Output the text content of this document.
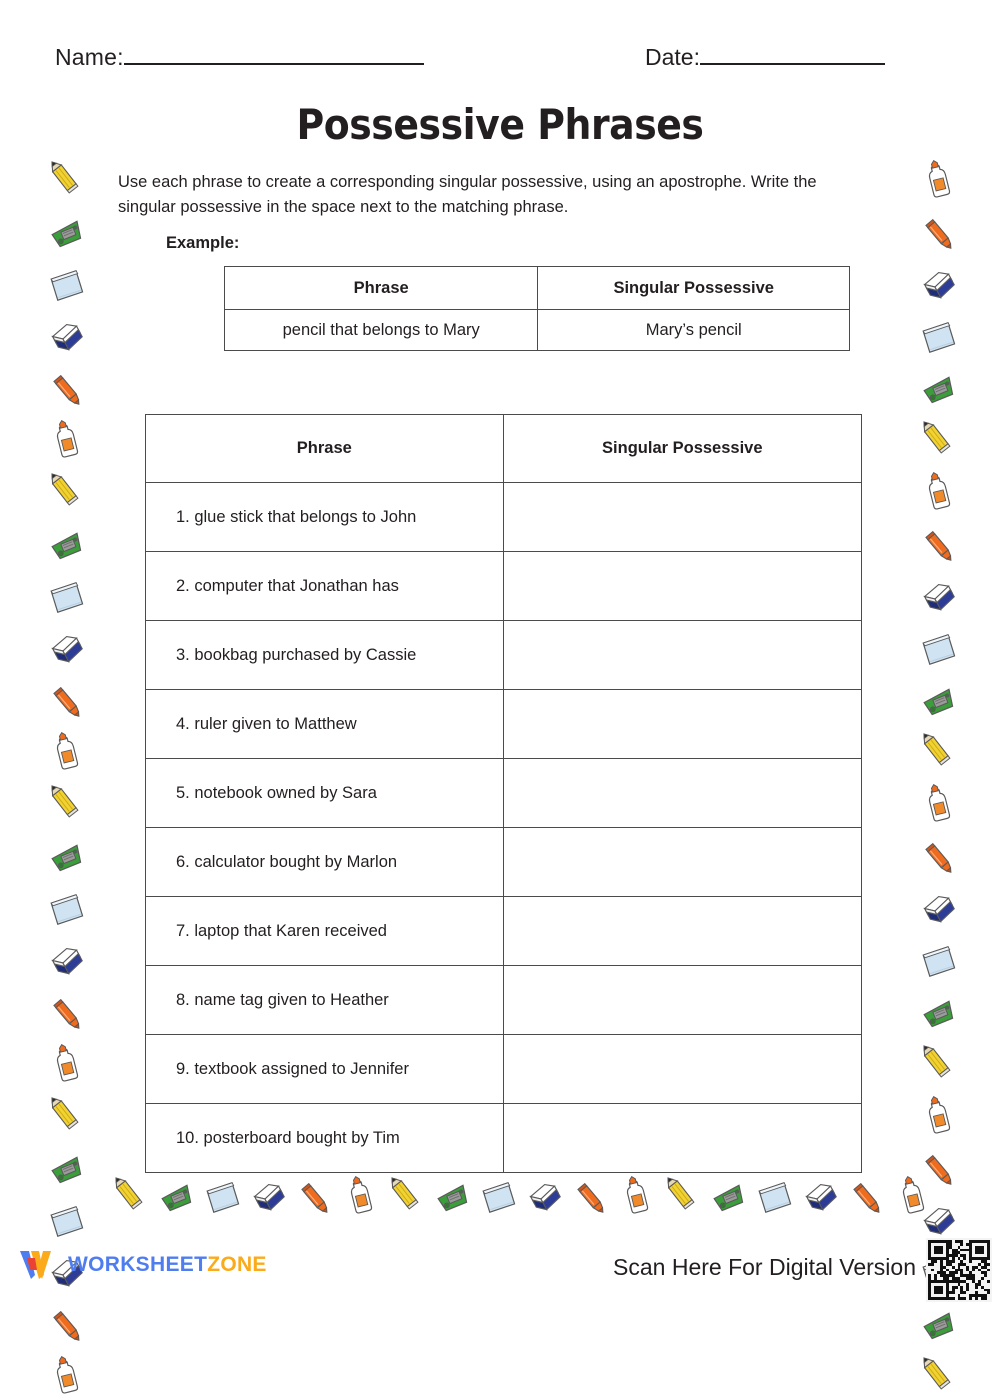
Name:	Date:
Possessive Phrases
Use each phrase to create a corresponding singular possessive, using an apostrophe. Write the singular possessive in the space next to the matching phrase.
Example:
Phrase	Singular Possessive
pencil that belongs to Mary	Mary’s pencil
Phrase	Singular Possessive
1. glue stick that belongs to John	
2. computer that Jonathan has	
3. bookbag purchased by Cassie	
4. ruler given to Matthew	
5. notebook owned by Sara	
6. calculator bought by Marlon	
7. laptop that Karen received	
8. name tag given to Heather	
9. textbook assigned to Jennifer	
10. posterboard bought by Tim	
WORKSHEETZONE	Scan Here For Digital Version
